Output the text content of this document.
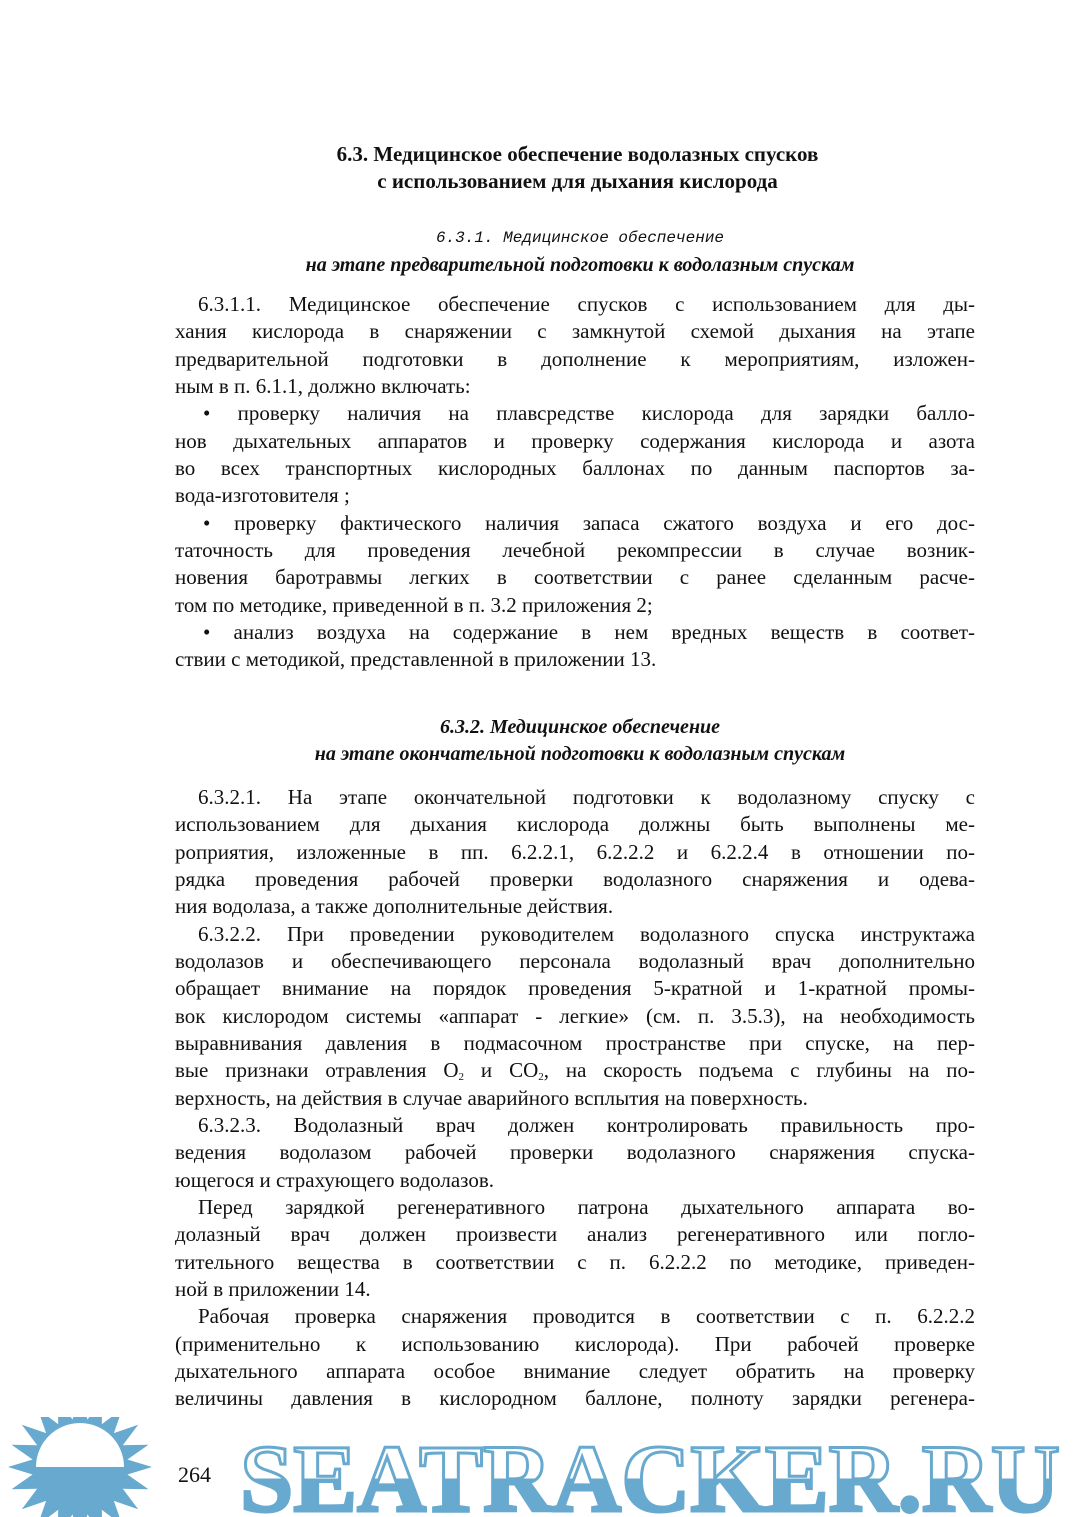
6.3. Медицинское обеспечение водолазных спусков
с использованием для дыхания кислорода
6.3.1. Медицинское обеспечение
на этапе предварительной подготовки к водолазным спускам
6.3.1.1. Медицинское обеспечение спусков с использованием для ды-
хания кислорода в снаряжении с замкнутой схемой дыхания на этапе
предварительной подготовки в дополнение к мероприятиям, изложен-
ным в п. 6.1.1, должно включать:
• проверку наличия на плавсредстве кислорода для зарядки балло-
нов дыхательных аппаратов и проверку содержания кислорода и азота
во всех транспортных кислородных баллонах по данным паспортов за-
вода-изготовителя ;
• проверку фактического наличия запаса сжатого воздуха и его дос-
таточность для проведения лечебной рекомпрессии в случае возник-
новения баротравмы легких в соответствии с ранее сделанным расче-
том по методике, приведенной в п. 3.2 приложения 2;
• анализ воздуха на содержание в нем вредных веществ в соответ-
ствии с методикой, представленной в приложении 13.
6.3.2. Медицинское обеспечение
на этапе окончательной подготовки к водолазным спускам
6.3.2.1. На этапе окончательной подготовки к водолазному спуску с
использованием для дыхания кислорода должны быть выполнены ме-
роприятия, изложенные в пп. 6.2.2.1, 6.2.2.2 и 6.2.2.4 в отношении по-
рядка проведения рабочей проверки водолазного снаряжения и одева-
ния водолаза, а также дополнительные действия.
6.3.2.2. При проведении руководителем водолазного спуска инструктажа
водолазов и обеспечивающего персонала водолазный врач дополнительно
обращает внимание на порядок проведения 5-кратной и 1-кратной промы-
вок кислородом системы «аппарат - легкие» (см. п. 3.5.3), на необходимость
выравнивания давления в подмасочном пространстве при спуске, на пер-
вые признаки отравления $O_2$ и $CO_2$, на скорость подъема с глубины на по-
верхность, на действия в случае аварийного всплытия на поверхность.
6.3.2.3. Водолазный врач должен контролировать правильность про-
ведения водолазом рабочей проверки водолазного снаряжения спуска-
ющегося и страхующего водолазов.
Перед зарядкой регенеративного патрона дыхательного аппарата во-
долазный врач должен произвести анализ регенеративного или погло-
тительного вещества в соответствии с п. 6.2.2.2 по методике, приведен-
ной в приложении 14.
Рабочая проверка снаряжения проводится в соответствии с п. 6.2.2.2
(применительно к использованию кислорода). При рабочей проверке
дыхательного аппарата особое внимание следует обратить на проверку
величины давления в кислородном баллоне, полноту зарядки регенера-
SEATRACKER.RU
264
